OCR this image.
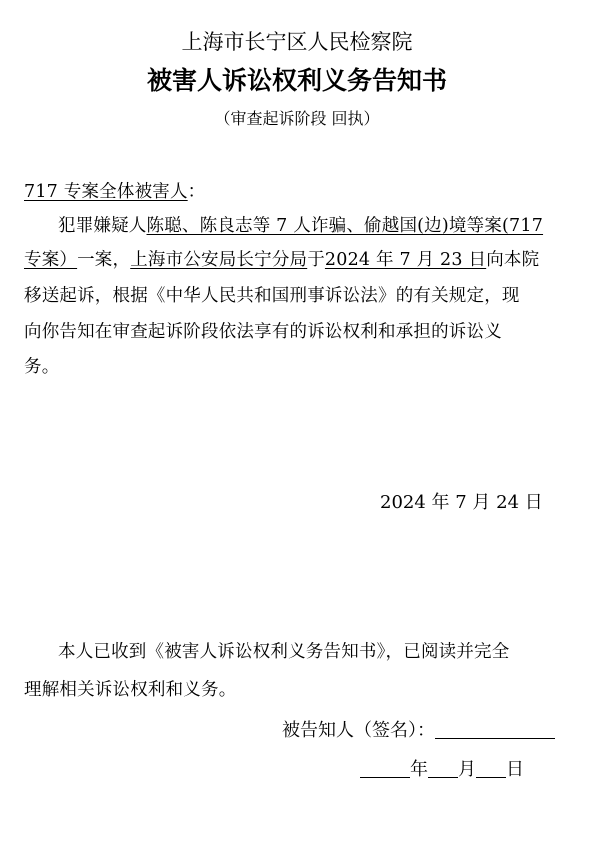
上海市长宁区人民检察院
被害人诉讼权利义务告知书
（审查起诉阶段 回执）
717 专案全体被害人：
犯罪嫌疑人陈聪、陈良志等 7 人诈骗、偷越国(边)境等案(717
专案）一案，上海市公安局长宁分局于2024 年 7 月 23 日向本院
移送起诉，根据《中华人民共和国刑事诉讼法》的有关规定，现
向你告知在审查起诉阶段依法享有的诉讼权利和承担的诉讼义
务。
2024 年 7 月 24 日
本人已收到《被害人诉讼权利义务告知书》，已阅读并完全
理解相关诉讼权利和义务。
被告知人（签名）：
年 月 日
